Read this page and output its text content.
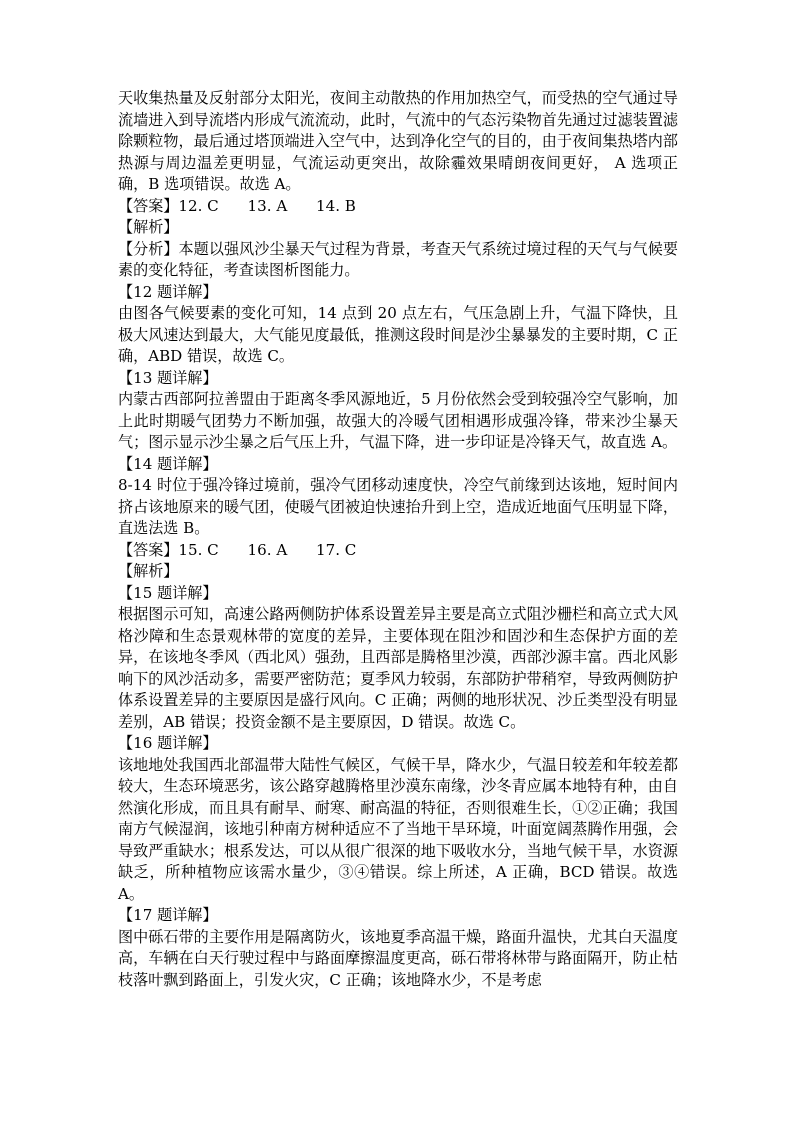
天收集热量及反射部分太阳光，夜间主动散热的作用加热空气，而受热的空气通过导流墙进入到导流塔内形成气流流动，此时，气流中的气态污染物首先通过过滤装置滤除颗粒物，最后通过塔顶端进入空气中，达到净化空气的目的，由于夜间集热塔内部热源与周边温差更明显，气流运动更突出，故除霾效果晴朗夜间更好， A 选项正确，B 选项错误。故选 A。

【答案】12. C      13. A      14. B

【解析】

【分析】本题以强风沙尘暴天气过程为背景，考查天气系统过境过程的天气与气候要素的变化特征，考查读图析图能力。

【12 题详解】

由图各气候要素的变化可知，14 点到 20 点左右，气压急剧上升，气温下降快，且极大风速达到最大，大气能见度最低，推测这段时间是沙尘暴暴发的主要时期，C 正确，ABD 错误，故选 C。

【13 题详解】

内蒙古西部阿拉善盟由于距离冬季风源地近，5 月份依然会受到较强冷空气影响，加上此时期暖气团势力不断加强，故强大的冷暖气团相遇形成强冷锋，带来沙尘暴天气；图示显示沙尘暴之后气压上升，气温下降，进一步印证是冷锋天气，故直选 A。

【14 题详解】

8-14 时位于强冷锋过境前，强冷气团移动速度快，冷空气前缘到达该地，短时间内挤占该地原来的暖气团，使暖气团被迫快速抬升到上空，造成近地面气压明显下降，直选法选 B。

【答案】15. C      16. A      17. C

【解析】

【15 题详解】

根据图示可知，高速公路两侧防护体系设置差异主要是高立式阻沙栅栏和高立式大风格沙障和生态景观林带的宽度的差异，主要体现在阻沙和固沙和生态保护方面的差异，在该地冬季风（西北风）强劲，且西部是腾格里沙漠，西部沙源丰富。西北风影响下的风沙活动多，需要严密防范；夏季风力较弱，东部防护带稍窄，导致两侧防护体系设置差异的主要原因是盛行风向。C 正确；两侧的地形状况、沙丘类型没有明显差别，AB 错误；投资金额不是主要原因，D 错误。故选 C。

【16 题详解】

该地地处我国西北部温带大陆性气候区，气候干旱，降水少，气温日较差和年较差都较大，生态环境恶劣，该公路穿越腾格里沙漠东南缘，沙冬青应属本地特有种，由自然演化形成，而且具有耐旱、耐寒、耐高温的特征，否则很难生长，①②正确；我国南方气候湿润，该地引种南方树种适应不了当地干旱环境，叶面宽阔蒸腾作用强，会导致严重缺水；根系发达，可以从很广很深的地下吸收水分，当地气候干旱，水资源缺乏，所种植物应该需水量少，③④错误。综上所述，A 正确，BCD 错误。故选 A。

【17 题详解】

图中砾石带的主要作用是隔离防火，该地夏季高温干燥，路面升温快，尤其白天温度高，车辆在白天行驶过程中与路面摩擦温度更高，砾石带将林带与路面隔开，防止枯枝落叶飘到路面上，引发火灾，C 正确；该地降水少，不是考虑
